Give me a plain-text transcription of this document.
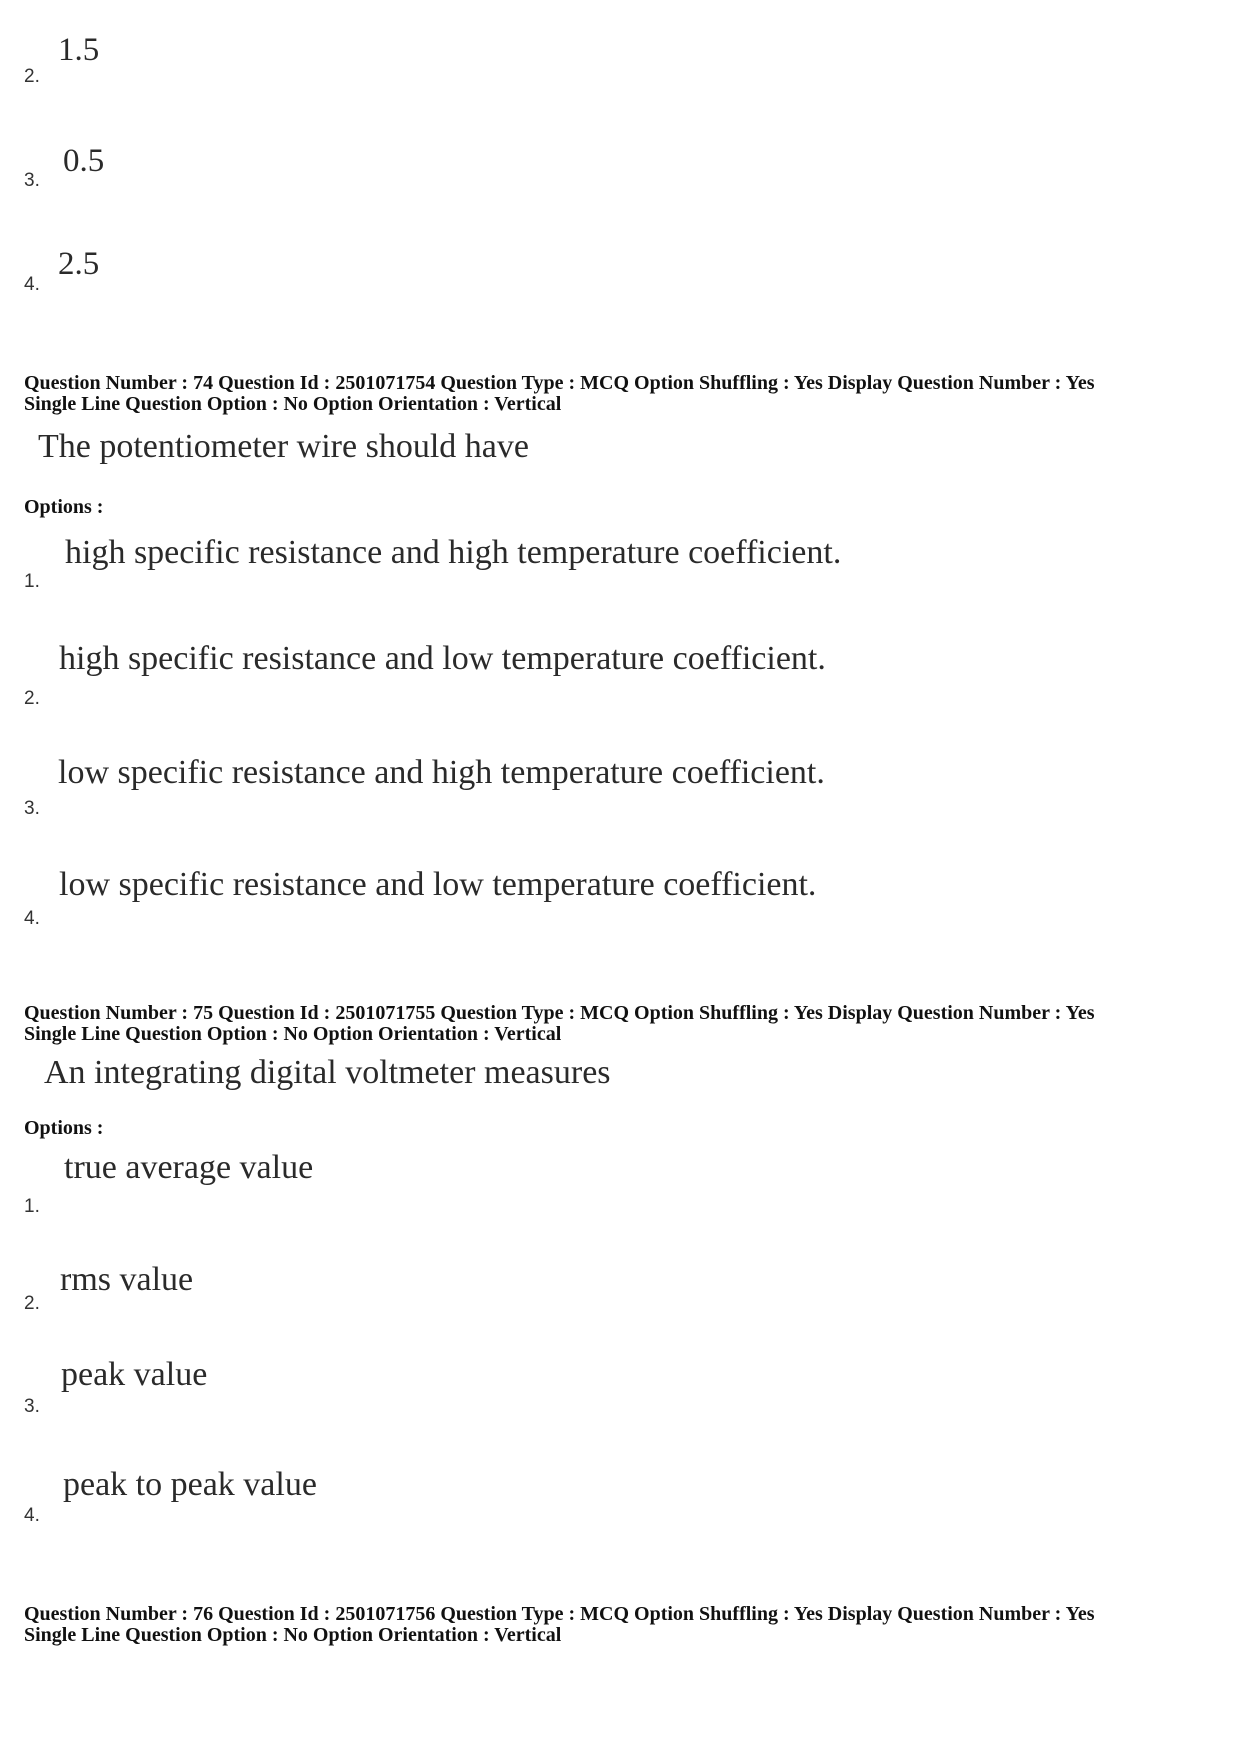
2.
1.5
3.
0.5
4.
2.5
Question Number : 74 Question Id : 2501071754 Question Type : MCQ Option Shuffling : Yes Display Question Number : Yes
Single Line Question Option : No Option Orientation : Vertical
The potentiometer wire should have
Options :
1.
high specific resistance and high temperature coefficient.
2.
high specific resistance and low temperature coefficient.
3.
low specific resistance and high temperature coefficient.
4.
low specific resistance and low temperature coefficient.
Question Number : 75 Question Id : 2501071755 Question Type : MCQ Option Shuffling : Yes Display Question Number : Yes
Single Line Question Option : No Option Orientation : Vertical
An integrating digital voltmeter measures
Options :
1.
true average value
2.
rms value
3.
peak value
4.
peak to peak value
Question Number : 76 Question Id : 2501071756 Question Type : MCQ Option Shuffling : Yes Display Question Number : Yes
Single Line Question Option : No Option Orientation : Vertical
